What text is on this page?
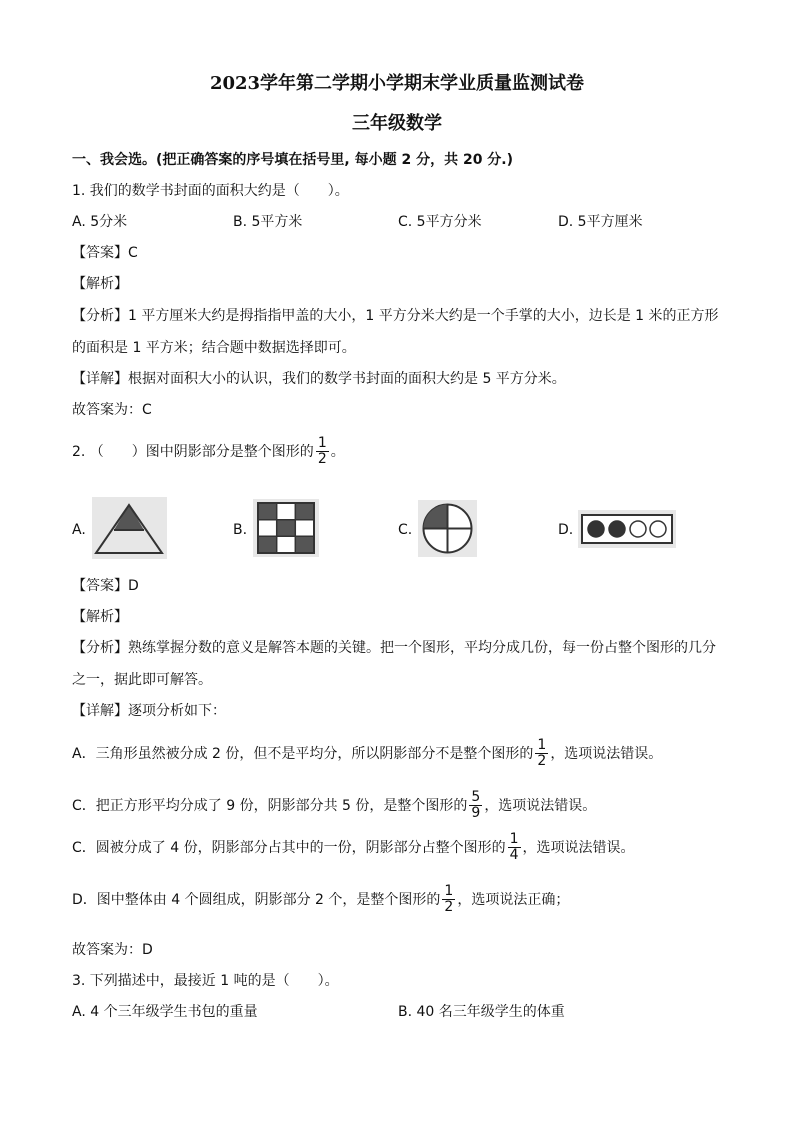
2023学年第二学期小学期末学业质量监测试卷
三年级数学
一、我会选。(把正确答案的序号填在括号里, 每小题 2 分，共 20 分.)
1. 我们的数学书封面的面积大约是（　　）。
A. 5分米	B. 5平方米	C. 5平方分米	D. 5平方厘米
【答案】C
【解析】
【分析】1 平方厘米大约是拇指指甲盖的大小，1 平方分米大约是一个手掌的大小，边长是 1 米的正方形
的面积是 1 平方米；结合题中数据选择即可。
【详解】根据对面积大小的认识，我们的数学书封面的面积大约是 5 平方分米。
故答案为：C
2. （　　）图中阴影部分是整个图形的 $\frac{1}{2}$ 。
A.	B.	C.	D.
【答案】D
【解析】
【分析】熟练掌握分数的意义是解答本题的关键。把一个图形，平均分成几份，每一份占整个图形的几分
之一，据此即可解答。
【详解】逐项分析如下：
A．三角形虽然被分成 2 份，但不是平均分，所以阴影部分不是整个图形的 $\frac{1}{2}$ ，选项说法错误。
C．把正方形平均分成了 9 份，阴影部分共 5 份，是整个图形的 $\frac{5}{9}$ ，选项说法错误。
C．圆被分成了 4 份，阴影部分占其中的一份，阴影部分占整个图形的 $\frac{1}{4}$ ，选项说法错误。
D．图中整体由 4 个圆组成，阴影部分 2 个，是整个图形的 $\frac{1}{2}$ ，选项说法正确；
故答案为：D
3. 下列描述中，最接近 1 吨的是（　　）。
A. 4 个三年级学生书包的重量	B. 40 名三年级学生的体重
